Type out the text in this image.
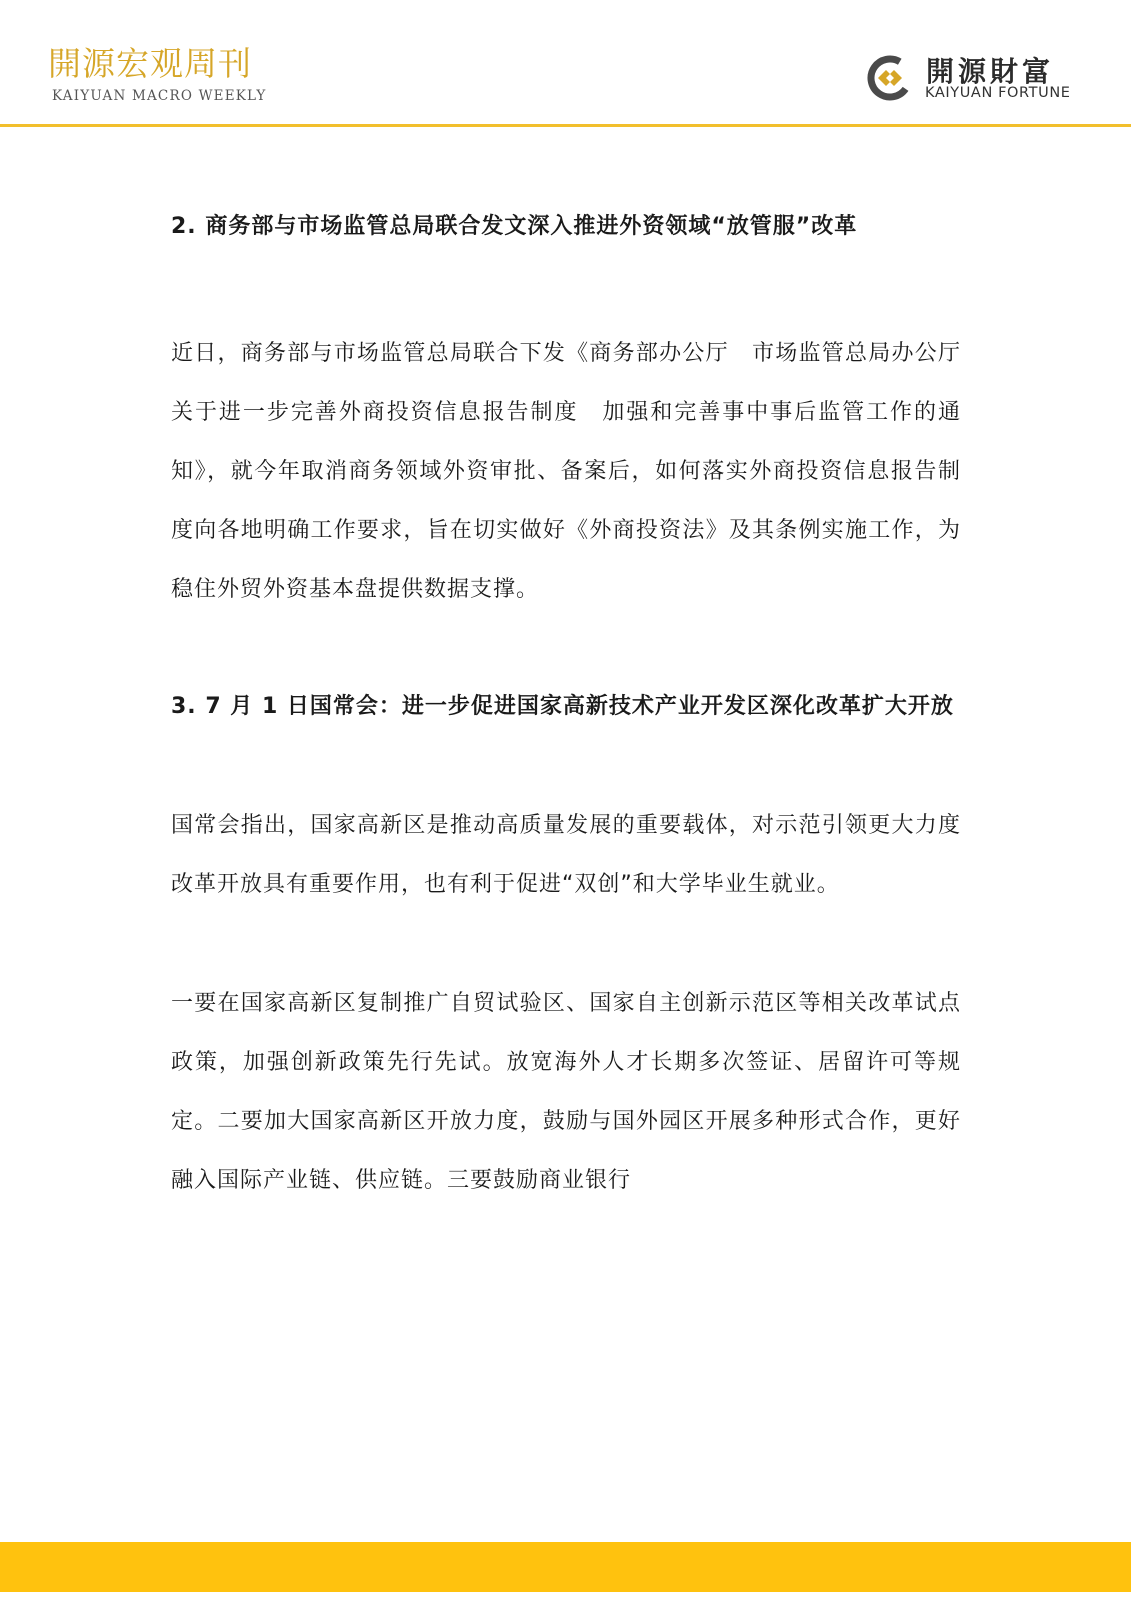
開源宏观周刊
KAIYUAN MACRO WEEKLY
開源財富
KAIYUAN FORTUNE
2. 商务部与市场监管总局联合发文深入推进外资领域“放管服”改革

近日，商务部与市场监管总局联合下发《商务部办公厅　市场监管总局办公厅关于进一步完善外商投资信息报告制度　加强和完善事中事后监管工作的通知》，就今年取消商务领域外资审批、备案后，如何落实外商投资信息报告制度向各地明确工作要求，旨在切实做好《外商投资法》及其条例实施工作，为稳住外贸外资基本盘提供数据支撑。

3. 7 月 1 日国常会：进一步促进国家高新技术产业开发区深化改革扩大开放

国常会指出，国家高新区是推动高质量发展的重要载体，对示范引领更大力度改革开放具有重要作用，也有利于促进“双创”和大学毕业生就业。

一要在国家高新区复制推广自贸试验区、国家自主创新示范区等相关改革试点政策，加强创新政策先行先试。放宽海外人才长期多次签证、居留许可等规定。二要加大国家高新区开放力度，鼓励与国外园区开展多种形式合作，更好融入国际产业链、供应链。三要鼓励商业银行
